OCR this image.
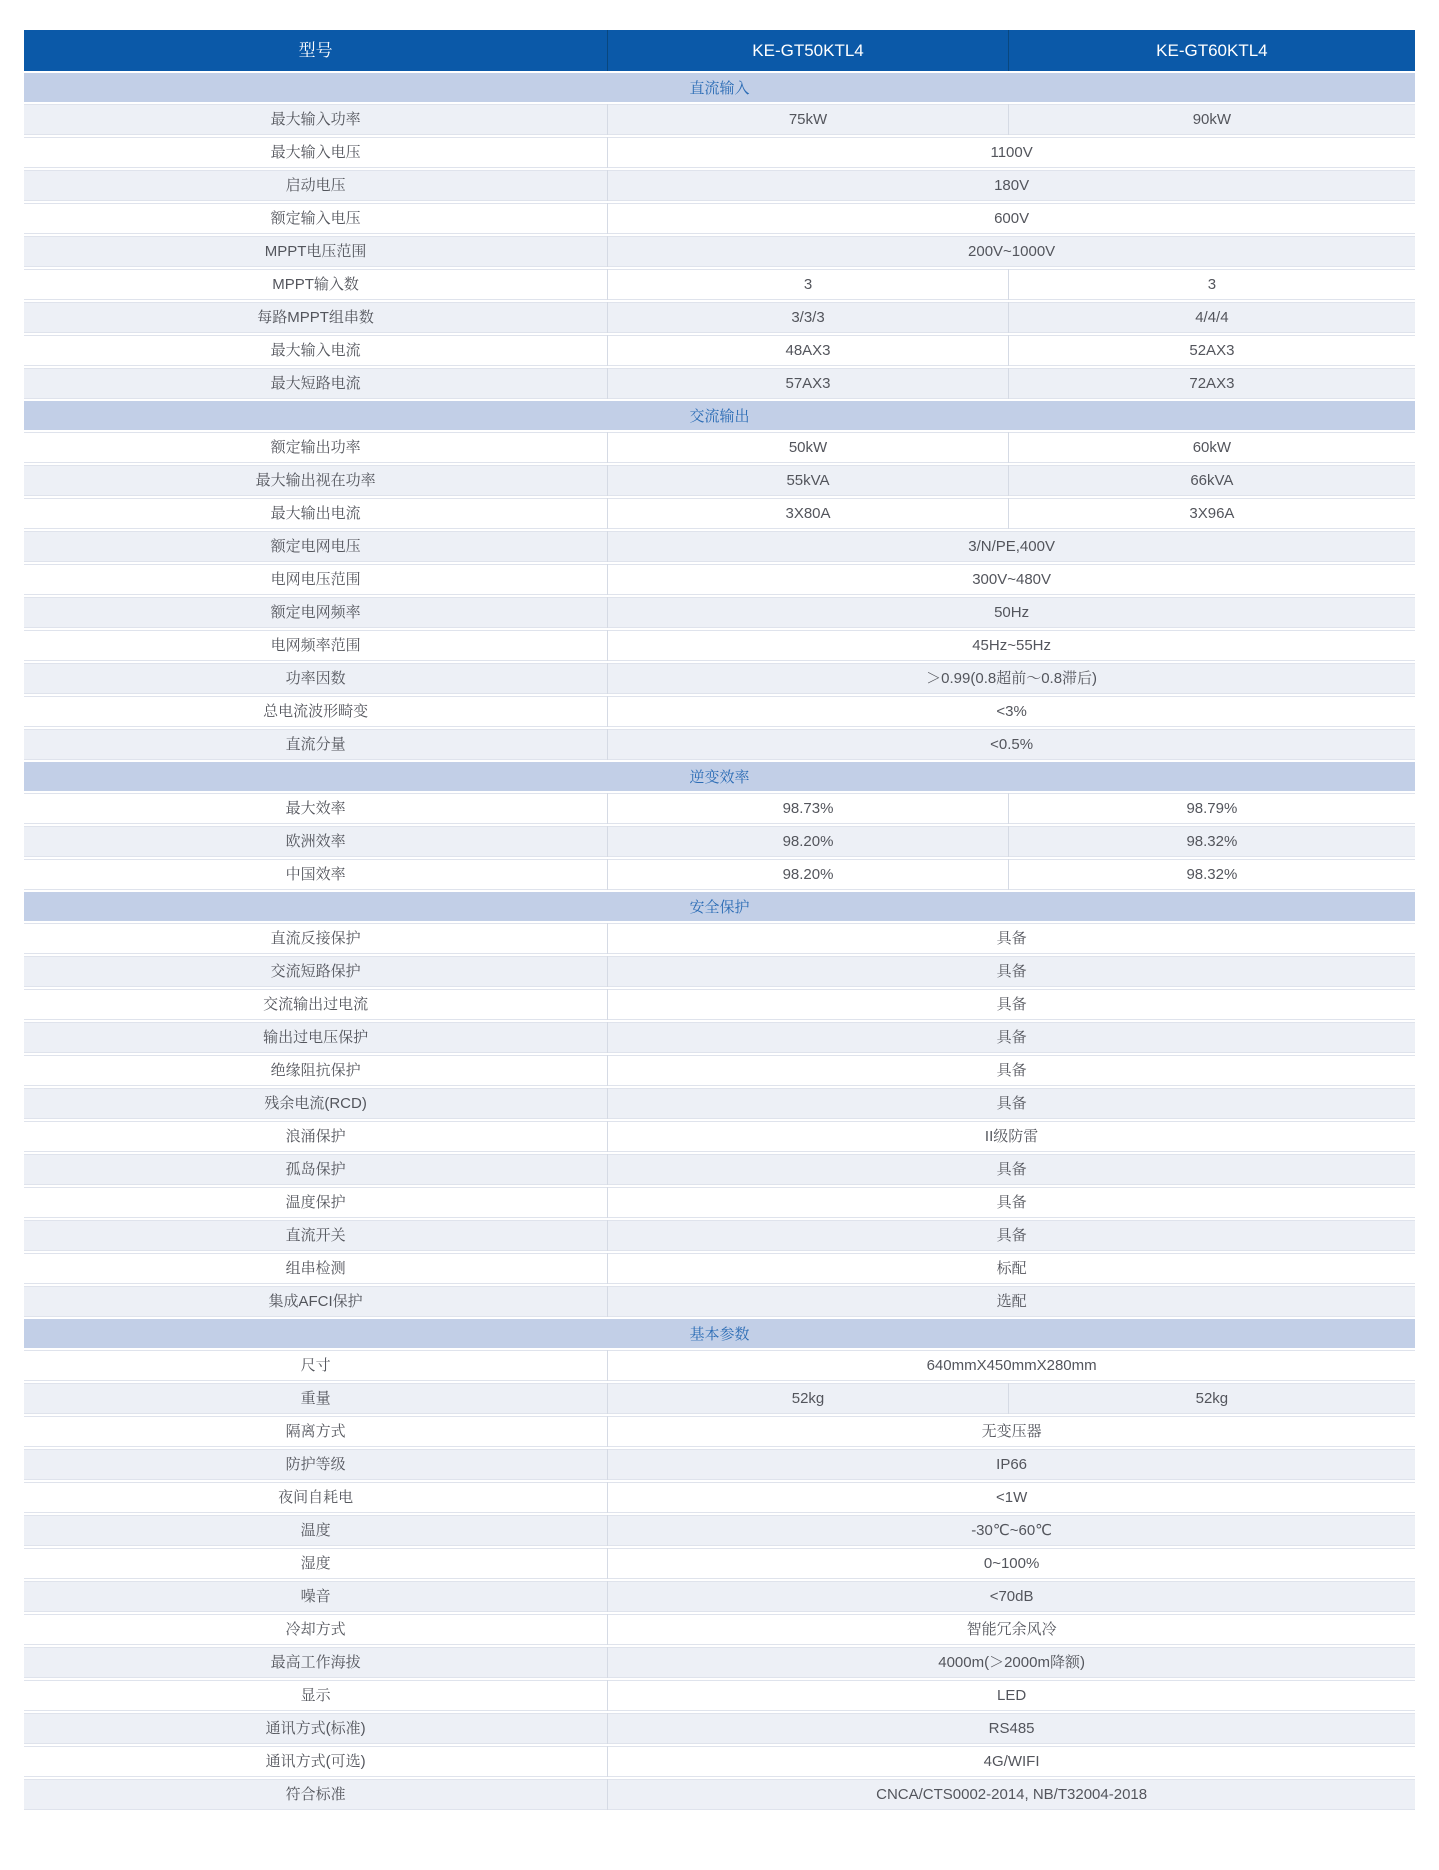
型号	KE-GT50KTL4	KE-GT60KTL4
直流输入
最大输入功率	75kW	90kW
最大输入电压	1100V
启动电压	180V
额定输入电压	600V
MPPT电压范围	200V~1000V
MPPT输入数	3	3
每路MPPT组串数	3/3/3	4/4/4
最大输入电流	48AX3	52AX3
最大短路电流	57AX3	72AX3
交流输出
额定输出功率	50kW	60kW
最大输出视在功率	55kVA	66kVA
最大输出电流	3X80A	3X96A
额定电网电压	3/N/PE,400V
电网电压范围	300V~480V
额定电网频率	50Hz
电网频率范围	45Hz~55Hz
功率因数	＞0.99(0.8超前～0.8滞后)
总电流波形畸变	<3%
直流分量	<0.5%
逆变效率
最大效率	98.73%	98.79%
欧洲效率	98.20%	98.32%
中国效率	98.20%	98.32%
安全保护
直流反接保护	具备
交流短路保护	具备
交流输出过电流	具备
输出过电压保护	具备
绝缘阻抗保护	具备
残余电流(RCD)	具备
浪涌保护	II级防雷
孤岛保护	具备
温度保护	具备
直流开关	具备
组串检测	标配
集成AFCI保护	选配
基本参数
尺寸	640mmX450mmX280mm
重量	52kg	52kg
隔离方式	无变压器
防护等级	IP66
夜间自耗电	<1W
温度	-30℃~60℃
湿度	0~100%
噪音	<70dB
冷却方式	智能冗余风冷
最高工作海拔	4000m(＞2000m降额)
显示	LED
通讯方式(标准)	RS485
通讯方式(可选)	4G/WIFI
符合标准	CNCA/CTS0002-2014, NB/T32004-2018
